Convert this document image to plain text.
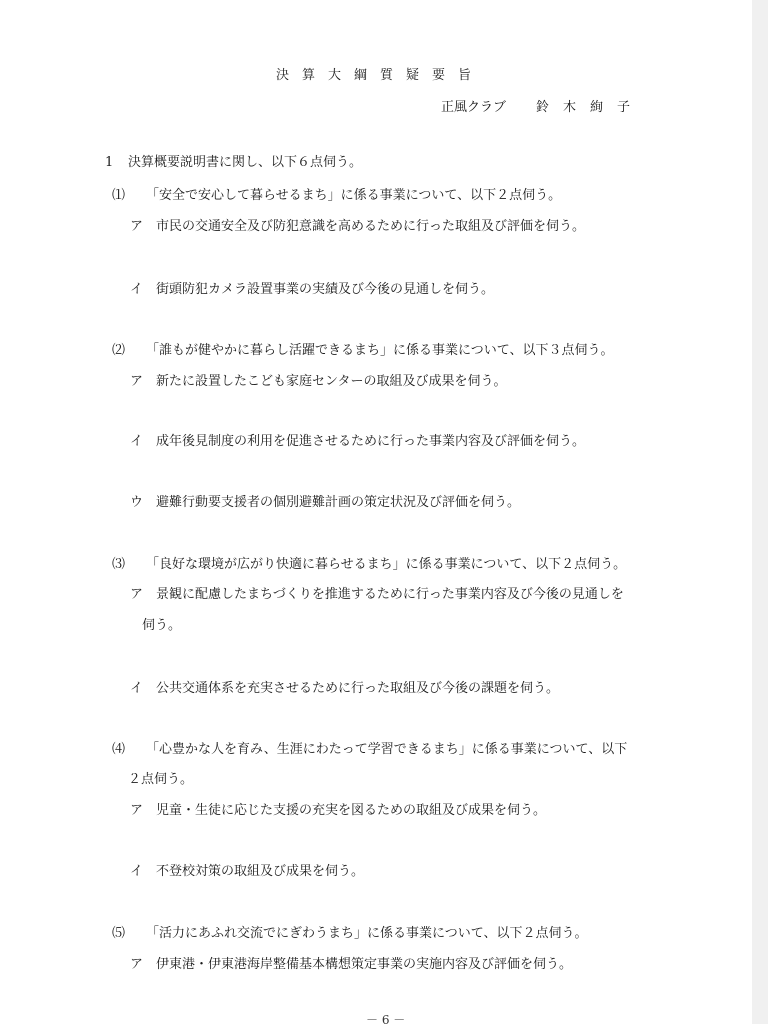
決算大綱質疑要旨
正風クラブ 鈴木絢子
1 決算概要説明書に関し、以下６点伺う。
⑴ 「安全で安心して暮らせるまち」に係る事業について、以下２点伺う。
ア 市民の交通安全及び防犯意識を高めるために行った取組及び評価を伺う。
イ 街頭防犯カメラ設置事業の実績及び今後の見通しを伺う。
⑵ 「誰もが健やかに暮らし活躍できるまち」に係る事業について、以下３点伺う。
ア 新たに設置したこども家庭センターの取組及び成果を伺う。
イ 成年後見制度の利用を促進させるために行った事業内容及び評価を伺う。
ウ 避難行動要支援者の個別避難計画の策定状況及び評価を伺う。
⑶ 「良好な環境が広がり快適に暮らせるまち」に係る事業について、以下２点伺う。
ア 景観に配慮したまちづくりを推進するために行った事業内容及び今後の見通しを
伺う。
イ 公共交通体系を充実させるために行った取組及び今後の課題を伺う。
⑷ 「心豊かな人を育み、生涯にわたって学習できるまち」に係る事業について、以下
２点伺う。
ア 児童・生徒に応じた支援の充実を図るための取組及び成果を伺う。
イ 不登校対策の取組及び成果を伺う。
⑸ 「活力にあふれ交流でにぎわうまち」に係る事業について、以下２点伺う。
ア 伊東港・伊東港海岸整備基本構想策定事業の実施内容及び評価を伺う。
－ 6 －
